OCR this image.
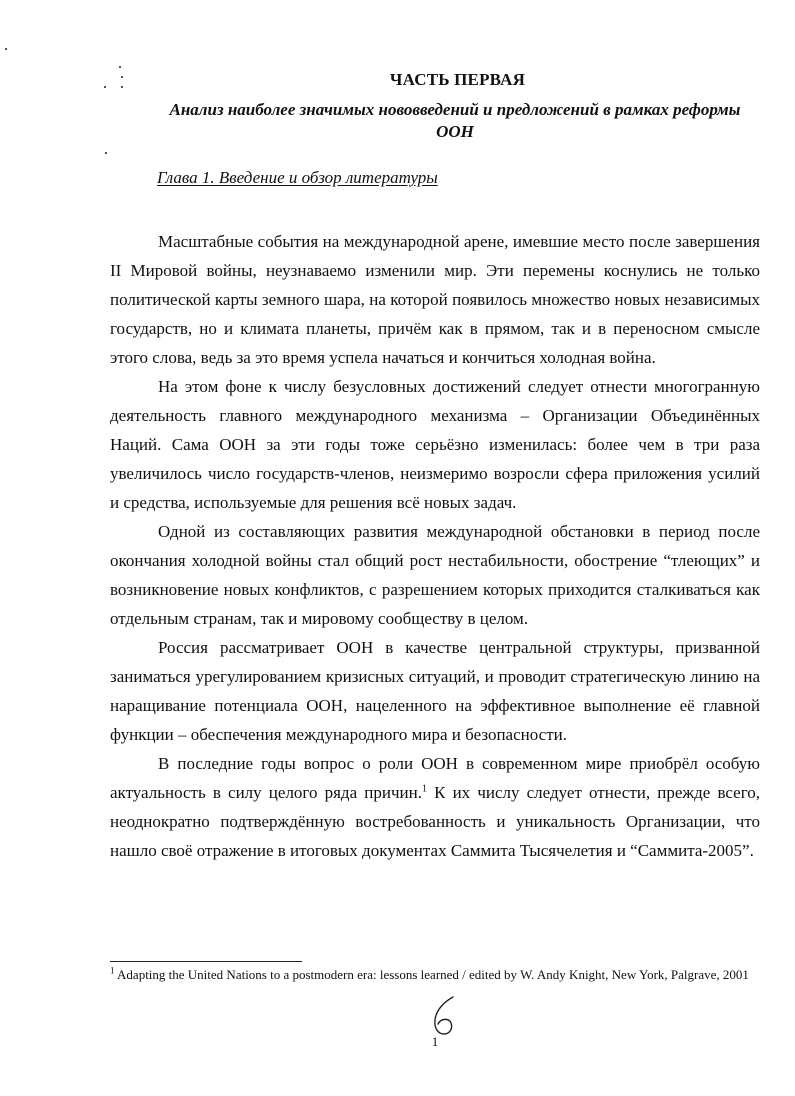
ЧАСТЬ ПЕРВАЯ
Анализ наиболее значимых нововведений и предложений в рамках реформы ООН
Глава 1. Введение и обзор литературы

Масштабные события на международной арене, имевшие место после завершения II Мировой войны, неузнаваемо изменили мир. Эти перемены коснулись не только политической карты земного шара, на которой появилось множество новых независимых государств, но и климата планеты, причём как в прямом, так и в переносном смысле этого слова, ведь за это время успела начаться и кончиться холодная война.

На этом фоне к числу безусловных достижений следует отнести многогранную деятельность главного международного механизма – Организации Объединённых Наций. Сама ООН за эти годы тоже серьёзно изменилась: более чем в три раза увеличилось число государств-членов, неизмеримо возросли сфера приложения усилий и средства, используемые для решения всё новых задач.

Одной из составляющих развития международной обстановки в период после окончания холодной войны стал общий рост нестабильности, обострение “тлеющих” и возникновение новых конфликтов, с разрешением которых приходится сталкиваться как отдельным странам, так и мировому сообществу в целом.

Россия рассматривает ООН в качестве центральной структуры, призванной заниматься урегулированием кризисных ситуаций, и проводит стратегическую линию на наращивание потенциала ООН, нацеленного на эффективное выполнение её главной функции – обеспечения международного мира и безопасности.

В последние годы вопрос о роли ООН в современном мире приобрёл особую актуальность в силу целого ряда причин.$^1$ К их числу следует отнести, прежде всего, неоднократно подтверждённую востребованность и уникальность Организации, что нашло своё отражение в итоговых документах Саммита Тысячелетия и “Саммита-2005”.

$^1$ Adapting the United Nations to a postmodern era: lessons learned / edited by W. Andy Knight, New York, Palgrave, 2001
1
